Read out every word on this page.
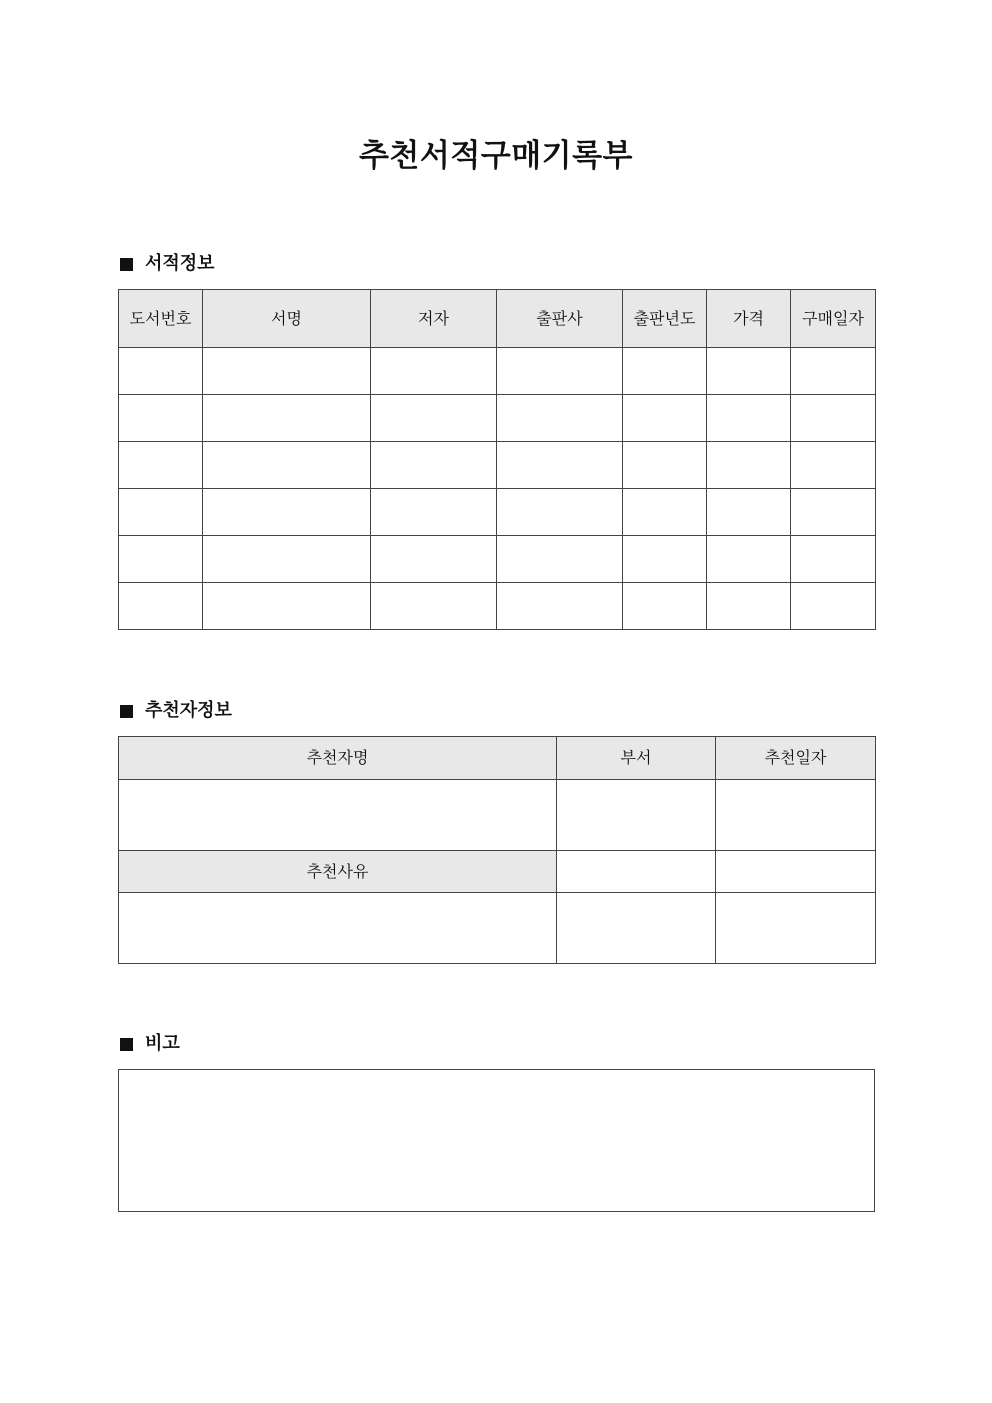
추천서적구매기록부
서적정보
도서번호	서명	저자	출판사	출판년도	가격	구매일자

추천자정보
추천자명	부서	추천일자

추천사유		

비고
